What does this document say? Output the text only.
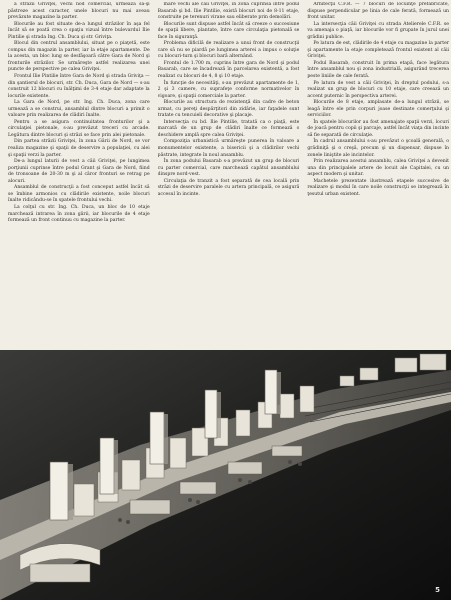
a străzii Griviţei, vechi nod comercial, urmează să-şi păstreze acest caracter, unele blocuri nu mai aveau prevăzute magazine la parter.

Blocurile au fost situate de-a lungul străzilor în aşa fel încât să se poată crea o spaţiu vizual între bulevardul Ilie Pintilie şi strada Ing. Ch. Duca şi str. Griviţa.

Blocul din centrul ansamblului, situat pe o piaţetă, este compus din magazin la parter, iar la etaje apartamente. De la acesta, un bloc lung se desfăşoară către Gara de Nord şi fronturile străzilor. Se urmăreşte astfel realizarea unei puncte de perspective pe calea Griviţei.

Frontul Ilie Pintilie între Gara de Nord şi strada Griviţa — din şantierul de blocuri, str. Ch. Duca, Gara de Nord — s-au construit 12 blocuri cu înălţimi de 3-4 etaje dar adaptate la locurile existente.

La Gara de Nord, pe str. Ing. Ch. Duca, zona care urmează a se construi, ansamblul dintre blocuri a primit o valoare prin realizarea de clădiri înalte.

Pentru a se asigura continuitatea fronturilor şi a circulaţiei pietonale, s-au prevăzut treceri cu arcade. Legătura dintre blocuri şi străzi se face prin alei pietonale.

Din partea străzii Griviţei, în zona Gării de Nord, se vor realiza magazine şi spaţii de deservire a populaţiei, cu alei şi spaţii verzi la parter.

De-a lungul laturii de vest a căii Griviţei, pe lungimea porţiunii cuprinse între podul Grant şi Gara de Nord, fiind de tronsoane de 20-30 m şi al căror fronturi se retrag pe alocuri.

Ansamblul de construcţii a fost conceput astfel încât să se îmbine armonios cu clădirile existente, noile blocuri înalte ridicându-se în spatele frontului vechi.

La colţul cu str. Ing. Ch. Duca, un bloc de 10 etaje marchează intrarea în zona gării, iar blocurile de 4 etaje formează un front continuu cu magazine la parter.

mare vechi ale căii Griviţei, în zona cuprinsă între podul Basarab şi bd. Ilie Pintilie, există blocuri noi de 8-11 etaje, construite pe terenuri virane sau eliberate prin demolări.

Blocurile sunt dispuse astfel încât să creeze o succesiune de spaţii libere, plantate, între care circulaţia pietonală se face în siguranţă.

Problema dificilă de realizare a unui front de construcţii care să nu se piardă pe lungimea arterei a impus o soluţie cu blocuri-turn şi blocuri bară alternând.

Frontul de 1.700 m, cuprins între gara de Nord şi podul Basarab, care se încadrează în parcelarea existentă, a fost realizat cu blocuri de 4, 8 şi 10 etaje.

În funcţie de necesităţi, s-au prevăzut apartamente de 1, 2 şi 3 camere, cu suprafeţe conforme normativelor în vigoare, şi spaţii comerciale la parter.

Blocurile au structura de rezistenţă din cadre de beton armat, cu pereţi despărţitori din zidărie, iar faţadele sunt tratate cu tencuieli decorative şi placaje.

Intersecţia cu bd. Ilie Pintilie, tratată ca o piaţă, este marcată de un grup de clădiri înalte ce formează o deschidere amplă spre calea Griviţei.

Compoziţia urbanistică urmăreşte punerea în valoare a monumentelor existente, a bisericii şi a clădirilor vechi păstrate, integrate în noul ansamblu.

În zona podului Basarab s-a prevăzut un grup de blocuri cu parter comercial, care marchează capătul ansamblului dinspre nord-vest.

Circulaţia de tranzit a fost separată de cea locală prin străzi de deservire paralele cu artera principală, ce asigură accesul în incinte.

Arhitecţii C.F.R. — 7 blocuri de locuinţe prefabricate, dispuse perpendicular pe linia de cale ferată, formează un front unitar.

La intersecţia căii Griviţei cu strada Atelierele C.F.R. se va amenaja o piaţă, iar blocurile vor fi grupate în jurul unei grădini publice.

Pe latura de est, clădirile de 4 etaje cu magazine la parter şi apartamente la etaje completează frontul existent al căii Griviţei.

Podul Basarab, construit în prima etapă, face legătura între ansamblul nou şi zona industrială, asigurând trecerea peste liniile de cale ferată.

Pe latura de vest a căii Griviţei, în dreptul podului, s-a realizat un grup de blocuri cu 10 etaje, care creează un accent puternic în perspectiva arterei.

Blocurile de 8 etaje, amplasate de-a lungul străzii, se leagă între ele prin corpuri joase destinate comerţului şi serviciilor.

În spatele blocurilor au fost amenajate spaţii verzi, locuri de joacă pentru copii şi parcaje, astfel încât viaţa din incinte să fie separată de circulaţie.

În cadrul ansamblului s-au prevăzut o şcoală generală, o grădiniţă şi o creşă, precum şi un dispensar, dispuse în zonele liniştite ale incintelor.

Prin realizarea acestui ansamblu, calea Griviţei a devenit una din principalele artere de locuit ale Capitalei, cu un aspect modern şi unitar.

Machetele prezentate ilustrează etapele succesive de realizare şi modul în care noile construcţii se integrează în ţesutul urban existent.

5
